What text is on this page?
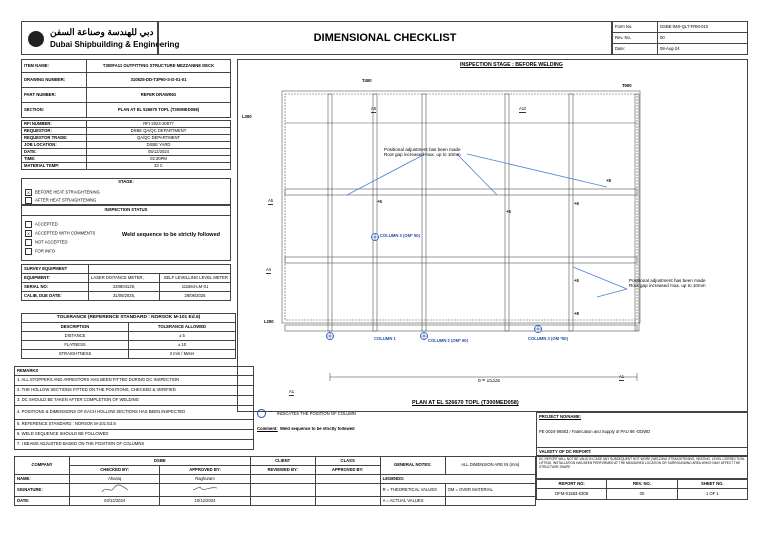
دبي للهندسة وصناعة السفن
Dubai Shipbuilding & Engineering
DIMENSIONAL CHECKLIST
Form No.	DSBE-IMS-QLT-FRM-010
Rev. No.	00
Date:	08-Aug-24
ITEM NAME:	T300FA11 OUTFITTING STRUCTURE MEZZANINE DECK
DRAWING NUMBER:	310825-DD-T3P60-S-D-01-01
PART NUMBER:	REFER DRAWING
SECTION:	PLAN AT EL 526670 TOPL (T300MED058)
RFI NUMBER:	RFI-2024-30877
REQUESTOR:	DSBE QA/QC DEPARTMENT
REQUESTOR TRADE:	QA/QC DEPARTMENT
JOB LOCATION:	DSBE YARD
DATE:	05/12/2024
TIME:	02:30PM
MATERIAL TEMP:	33 C
STAGE:
X BEFORE HEAT STRAIGHTENING
AFTER HEAT STRAIGHTENING
INSPECTION STATUS
ACCEPTED
X ACCEPTED WITH COMMENTS
NOT ACCEPTED
FOR INFO
Weld sequence to be strictly followed
SURVEY EQUIPMENT		
EQUIPMENT:	LASER DISTANCE METER,	SELF LEVELLING LEVEL METER
SERIAL NO:	220804129,	111664-LM-01
CALIB. DUE DATE:	31/05/2025,	28/06/2025
TOLERANCE (REFERENCE STANDARD : NORSOK M-101 Ed.5)	
DESCRIPTION	TOLERANCE ALLOWED
DISTANCE	± 5
FLATNESS	± 10
STRAIGHTNESS	3 mm / Meter
REMARKS
1. ALL STOPPERS AND ARRESTORS HAS BEEN FITTED DURING DC INSPECTION
2. THE HOLLOW SECTIONS FITTED ON THE POSITIONS, CHECKED & VERIFIED
3. DC SHOULD BE TAKEN AFTER COMPLETION OF WELDING
4. POSITIONS & DIMENSIONS OF EACH HOLLOW SECTIONS HAS BEEN INSPECTED
5. REFERENCE STANDARD : NORSOK M-101 Ed.5
6. WELD SEQUENCE SHOULD BE FOLLOWED
7. I BEAMS ADJUSTED BASED ON THE POSITION OF COLUMNS
INSPECTION STAGE : BEFORE WELDING
T400
T500
L300
L200
A5	A10
A5
A4
A1
A1
Positional adjustment has been made
Root gap increased max. up to 10mm
Positional adjustment has been made
Root gap increased max. up to 10mm
COLUMN 3 (OM* 50)
COLUMN 1	COLUMN 2 (OM* 50)	COLUMN 3 (OM *50)
+5
+5
+6
+8
+5
+8
8 = 15330
PLAN AT EL 526670 TOPL (T300MED058)
INDICATES THE POSITION OF COLUMN
Comment: Weld sequence to be strictly followed
PROJECT NO/NAME:
PE-2024-06563 / Fabrication and Supply of PAU 86 -DDWD
VALIDITY OF DC REPORT:
COMPANY	DSBE		CLIENT	CLASS	GENERAL NOTES:	ALL DIMENSION ARE IN (mm)
	CHECKED BY:	APPROVED BY:	REVIEWED BY:	APPROVED BY:		
NAME:	Ahaniq	Raghuram			LEGENDS:	
SIGNATURE:					R = THEORETICAL VALUES	OM = OVER MATERIAL
DATE:	04/12/2024	10/12/2024			A = ACTUAL VALUES	
DC REPORT WILL NOT BE VALID IN CASE ANY SUBSEQUENT HOT WORK (WELDING STRAIGHTENING, HEATING, LEVEL CORRECTION, LIFTING, INSTALLATION HAS BEEN PERFORMED AT THE MEASURED LOCATION OR SURROUNDING AREA WHICH MAY AFFECT THE STRUCTURE SHAPE
REPORT NO:	REV. NO.	SHEET NO.
DFM-01563-0308	00	1 OF 1
